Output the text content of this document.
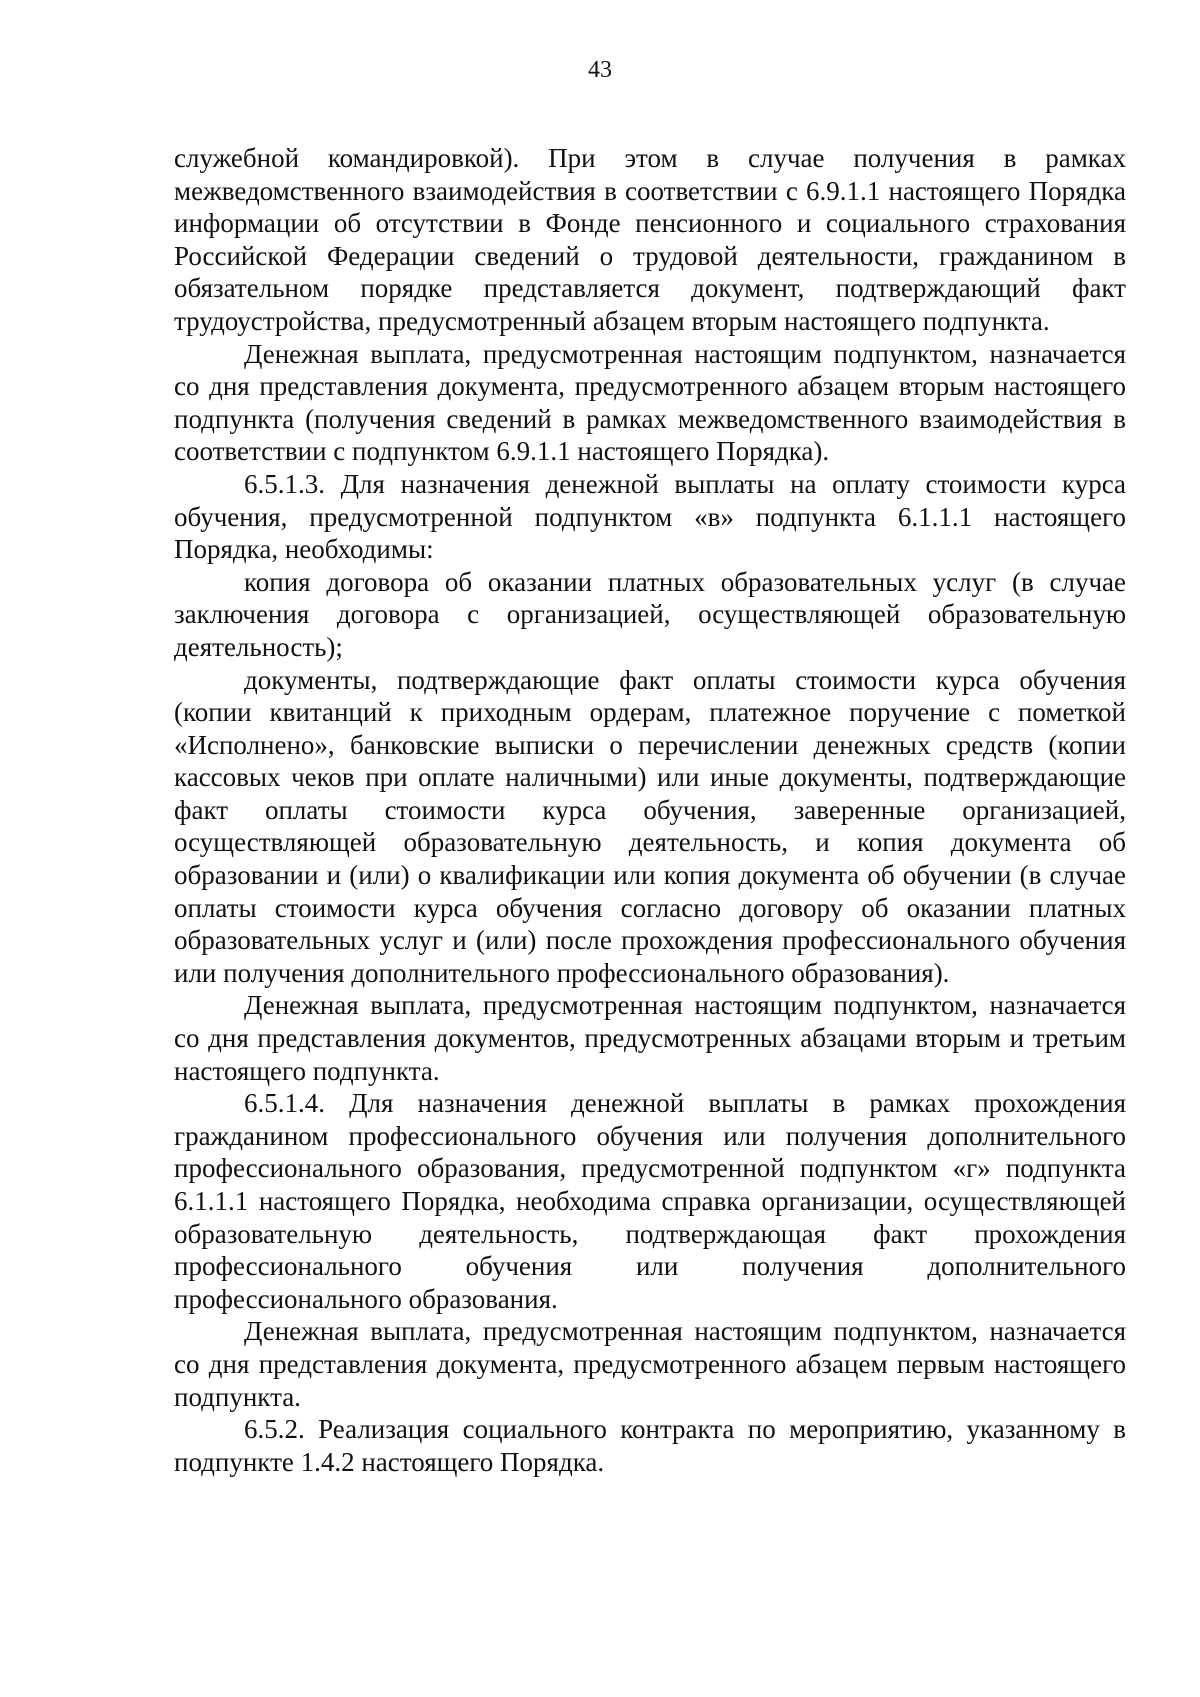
43

служебной командировкой). При этом в случае получения в рамках межведомственного взаимодействия в соответствии с 6.9.1.1 настоящего Порядка информации об отсутствии в Фонде пенсионного и социального страхования Российской Федерации сведений о трудовой деятельности, гражданином в обязательном порядке представляется документ, подтверждающий факт трудоустройства, предусмотренный абзацем вторым настоящего подпункта.

Денежная выплата, предусмотренная настоящим подпунктом, назначается со дня представления документа, предусмотренного абзацем вторым настоящего подпункта (получения сведений в рамках межведомственного взаимодействия в соответствии с подпунктом 6.9.1.1 настоящего Порядка).

6.5.1.3. Для назначения денежной выплаты на оплату стоимости курса обучения, предусмотренной подпунктом «в» подпункта 6.1.1.1 настоящего Порядка, необходимы:

копия договора об оказании платных образовательных услуг (в случае заключения договора с организацией, осуществляющей образовательную деятельность);

документы, подтверждающие факт оплаты стоимости курса обучения (копии квитанций к приходным ордерам, платежное поручение с пометкой «Исполнено», банковские выписки о перечислении денежных средств (копии кассовых чеков при оплате наличными) или иные документы, подтверждающие факт оплаты стоимости курса обучения, заверенные организацией, осуществляющей образовательную деятельность, и копия документа об образовании и (или) о квалификации или копия документа об обучении (в случае оплаты стоимости курса обучения согласно договору об оказании платных образовательных услуг и (или) после прохождения профессионального обучения или получения дополнительного профессионального образования).

Денежная выплата, предусмотренная настоящим подпунктом, назначается со дня представления документов, предусмотренных абзацами вторым и третьим настоящего подпункта.

6.5.1.4. Для назначения денежной выплаты в рамках прохождения гражданином профессионального обучения или получения дополнительного профессионального образования, предусмотренной подпунктом «г» подпункта 6.1.1.1 настоящего Порядка, необходима справка организации, осуществляющей образовательную деятельность, подтверждающая факт прохождения профессионального обучения или получения дополнительного профессионального образования.

Денежная выплата, предусмотренная настоящим подпунктом, назначается со дня представления документа, предусмотренного абзацем первым настоящего подпункта.

6.5.2. Реализация социального контракта по мероприятию, указанному в подпункте 1.4.2 настоящего Порядка.
